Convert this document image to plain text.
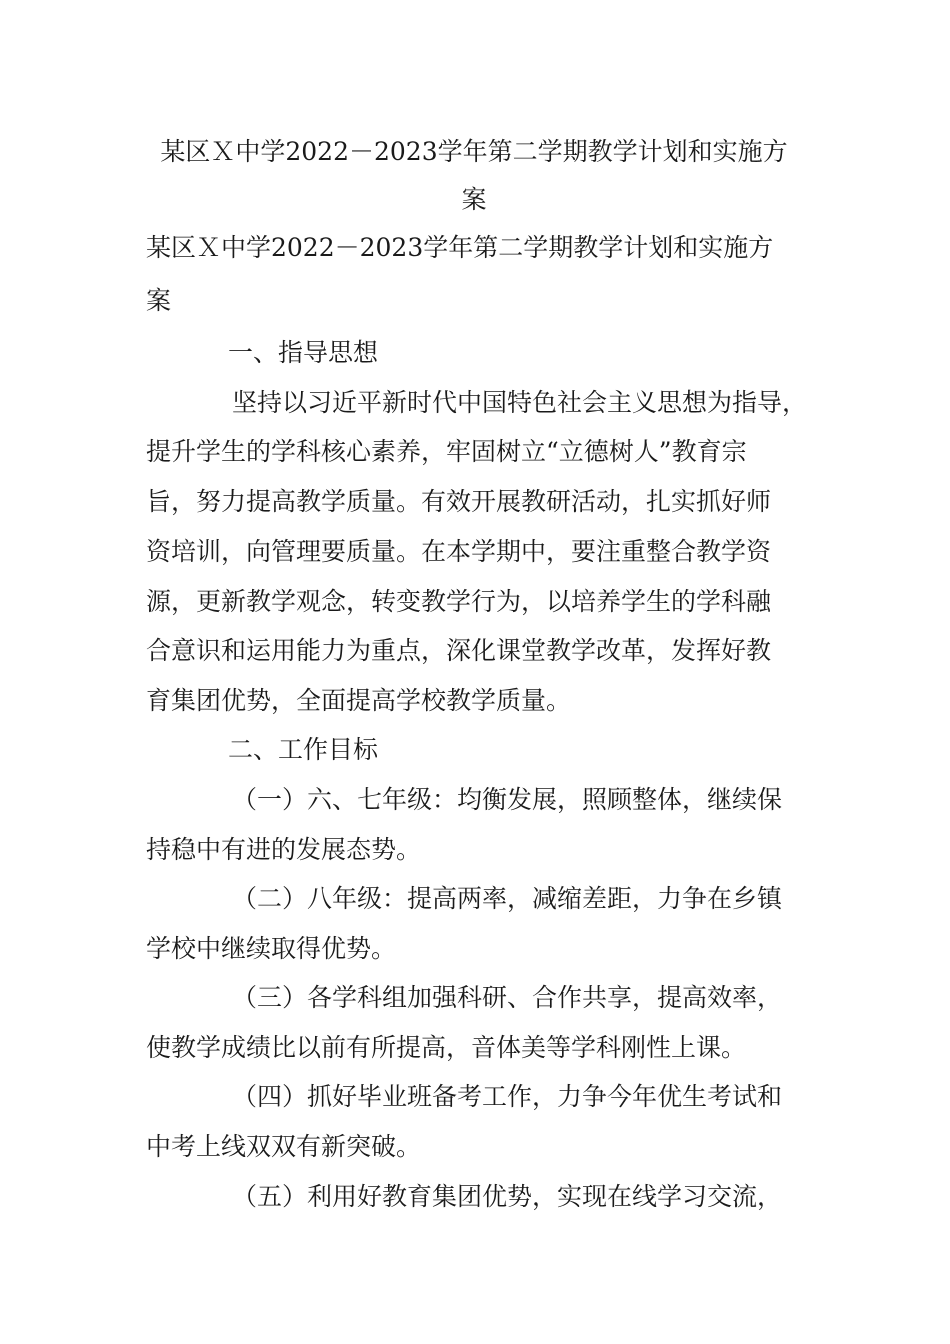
某区Ｘ中学2022－2023学年第二学期教学计划和实施方
案
某区Ｘ中学2022－2023学年第二学期教学计划和实施方
案
一、指导思想
坚持以习近平新时代中国特色社会主义思想为指导，
提升学生的学科核心素养，牢固树立“立德树人”教育宗
旨，努力提高教学质量。有效开展教研活动，扎实抓好师
资培训，向管理要质量。在本学期中，要注重整合教学资
源，更新教学观念，转变教学行为，以培养学生的学科融
合意识和运用能力为重点，深化课堂教学改革，发挥好教
育集团优势，全面提高学校教学质量。
二、工作目标
（一）六、七年级：均衡发展，照顾整体，继续保
持稳中有进的发展态势。
（二）八年级：提高两率，减缩差距，力争在乡镇
学校中继续取得优势。
（三）各学科组加强科研、合作共享，提高效率，
使教学成绩比以前有所提高，音体美等学科刚性上课。
（四）抓好毕业班备考工作，力争今年优生考试和
中考上线双双有新突破。
（五）利用好教育集团优势，实现在线学习交流，
